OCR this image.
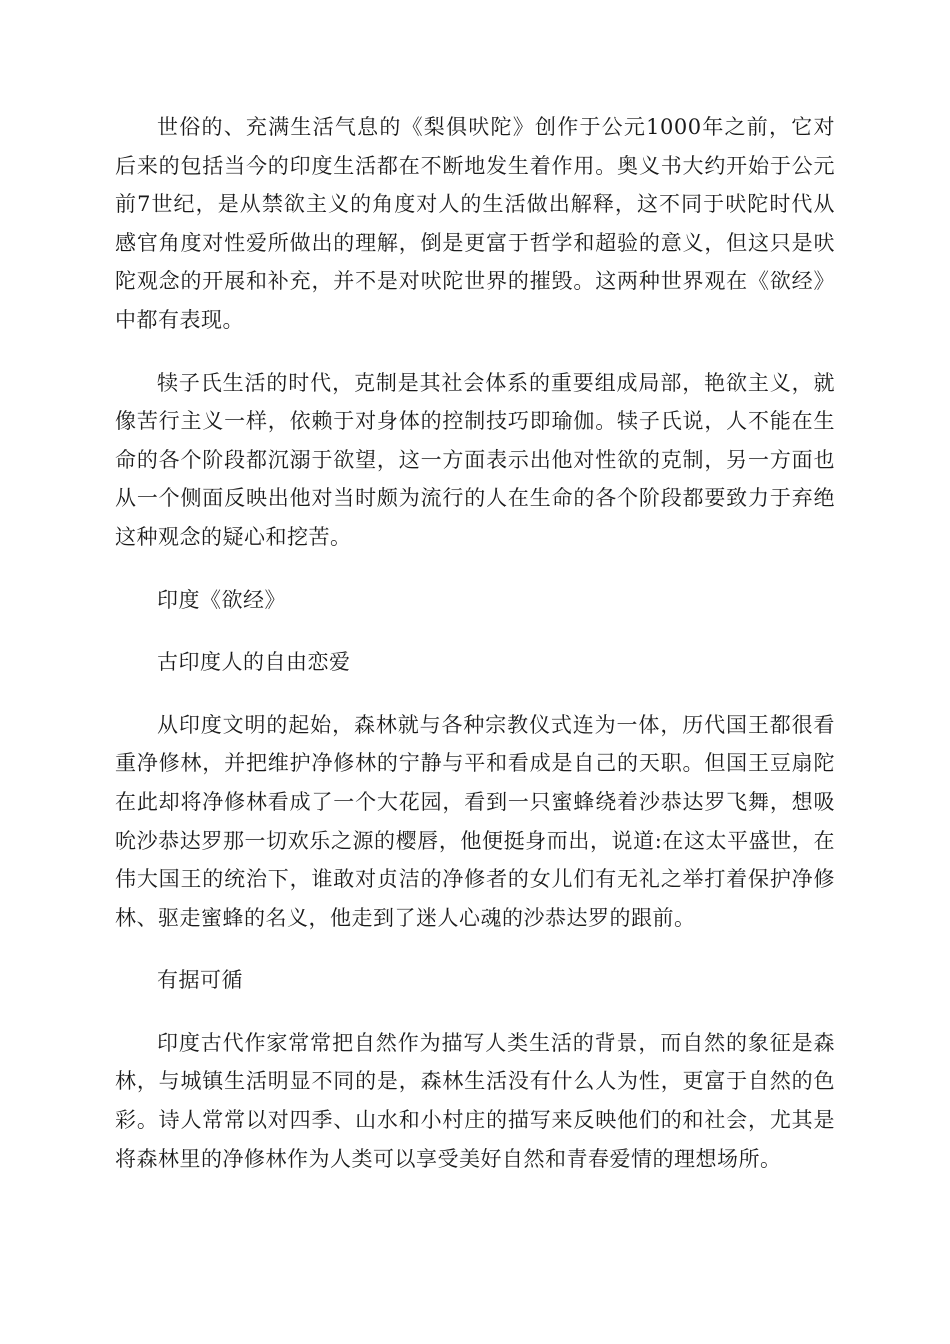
世俗的、充满生活气息的《梨俱吠陀》创作于公元1000年之前，它对后来的包括当今的印度生活都在不断地发生着作用。奥义书大约开始于公元前7世纪，是从禁欲主义的角度对人的生活做出解释，这不同于吠陀时代从感官角度对性爱所做出的理解，倒是更富于哲学和超验的意义，但这只是吠陀观念的开展和补充，并不是对吠陀世界的摧毁。这两种世界观在《欲经》中都有表现。

犊子氏生活的时代，克制是其社会体系的重要组成局部，艳欲主义，就像苦行主义一样，依赖于对身体的控制技巧即瑜伽。犊子氏说，人不能在生命的各个阶段都沉溺于欲望，这一方面表示出他对性欲的克制，另一方面也从一个侧面反映出他对当时颇为流行的人在生命的各个阶段都要致力于弃绝这种观念的疑心和挖苦。

印度《欲经》

古印度人的自由恋爱

从印度文明的起始，森林就与各种宗教仪式连为一体，历代国王都很看重净修林，并把维护净修林的宁静与平和看成是自己的天职。但国王豆扇陀在此却将净修林看成了一个大花园，看到一只蜜蜂绕着沙恭达罗飞舞，想吸吮沙恭达罗那一切欢乐之源的樱唇，他便挺身而出，说道:在这太平盛世，在伟大国王的统治下，谁敢对贞洁的净修者的女儿们有无礼之举打着保护净修林、驱走蜜蜂的名义，他走到了迷人心魂的沙恭达罗的跟前。

有据可循

印度古代作家常常把自然作为描写人类生活的背景，而自然的象征是森林，与城镇生活明显不同的是，森林生活没有什么人为性，更富于自然的色彩。诗人常常以对四季、山水和小村庄的描写来反映他们的和社会，尤其是将森林里的净修林作为人类可以享受美好自然和青春爱情的理想场所。
